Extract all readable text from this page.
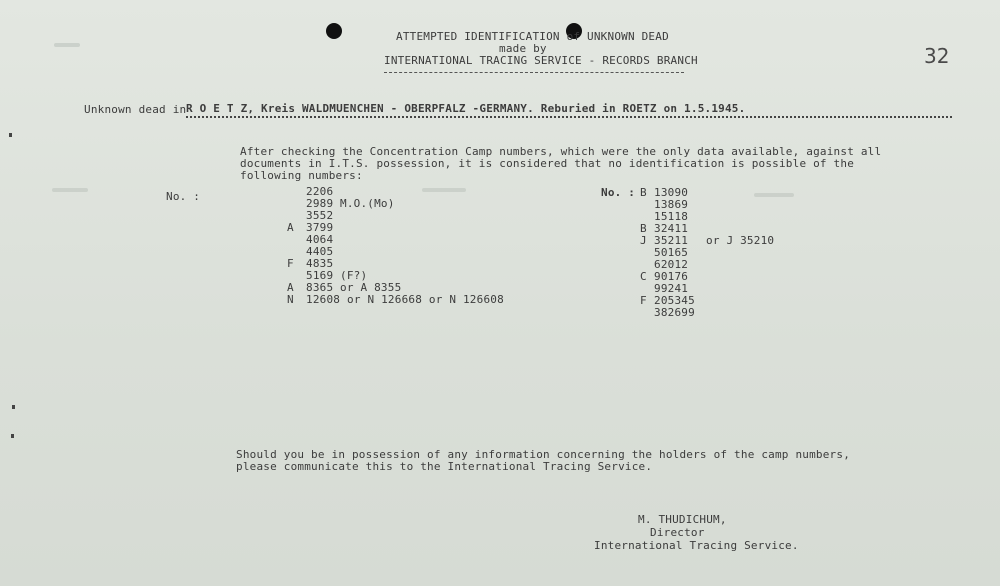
ATTEMPTED IDENTIFICATION of UNKNOWN DEAD
made by
INTERNATIONAL TRACING SERVICE - RECORDS BRANCH	32
Unknown dead in
R O E T Z, Kreis WALDMUENCHEN - OBERPFALZ -GERMANY. Reburied in ROETZ on 1.5.1945.
After checking the Concentration Camp numbers, which were the only data available, against all
documents in I.T.S. possession, it is considered that no identification is possible of the
following numbers:
No. :	2206
2989 M.O.(Mo)
3552
A 3799
4064
4405
F 4835
5169 (F?)
A 8365 or A 8355
N 12608 or N 126668 or N 126608
No. : B 13090
13869
15118
B 32411
J 35211 or J 35210
50165
62012
C 90176
99241
F 205345
382699
Should you be in possession of any information concerning the holders of the camp numbers,
please communicate this to the International Tracing Service.
M. THUDICHUM,
Director
International Tracing Service.
